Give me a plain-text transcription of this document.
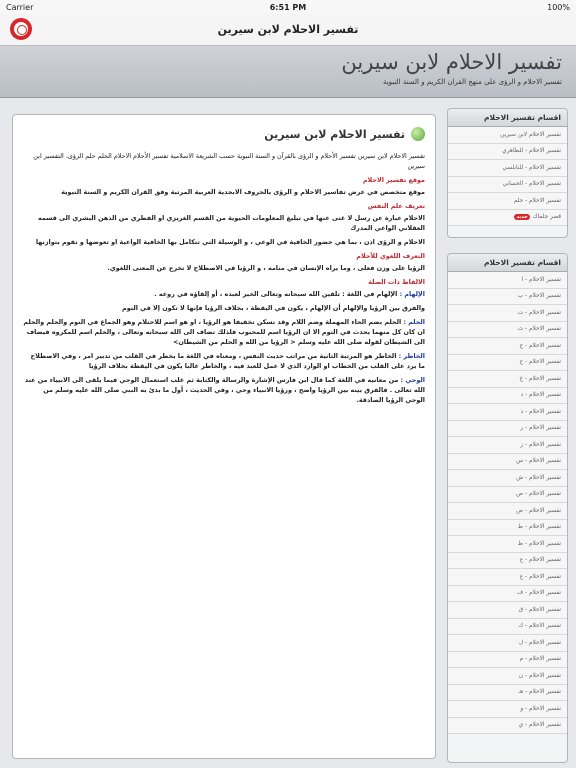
Carrier	6:51 PM	100%
تفسير الاحلام لابن سيرين
تفسير الاحلام لابن سيرين
تفسير الاحلام و الرؤى على منهج القران الكريم و السنة النبوية
تفسير الاحلام لابن سيرين

تفسير الاحلام لابن سيرين تفسير الأحلام و الرؤى بالقرآن و السنة النبوية حسب الشريعة الاسلامية تفسير الأحلام الاحلام الحلم حلم الرؤى، التفسير ابن سيرين

موقع تفسير الاحلام

موقع متخصص في عرض تفاسير الاحلام و الرؤى بالحروف الابجدية العربية المرتبة وفق القران الكريم و السنة النبوية

تعريف علم النفس

الاحلام عبارة عن رسل لا غنى عنها في تبليغ المعلومات الحيوية من القسم الغريزي او الفطري من الذهن البشري الى قسمه العقلاني الواعي المدرك

الاحلام و الرؤى اذن ، بما هي حضور الخافية في الوعي ، و الوسيلة التي تتكامل بها الخافية الواعية او تعوضها و تقوم بتوازنها

التعرف اللغوي للأحلام

الرؤيا على وزن فعلى ، وما يراه الإنسان في منامه ، و الرؤيا في الاصطلاح لا تخرج عن المعنى اللغوي.

الالفاظ ذات الصلة

الإلهام : الإلهام في اللغة : تلقين الله سبحانه وتعالى الخير لعبده ، أو إلقاؤه في روعه .

والفرق بين الرؤيا والإلهام أن الإلهام ، يكون في اليقظة ، بخلاف الرؤيا فإنها لا تكون إلا في النوم

الحلم : الحلم بضم الحاء المهملة وضم اللام وقد تسكن تخفيفا هو الرؤيا ، او هو اسم للاحتلام وهو الجماع في النوم والحلم والحلم ان كان كل منهما يحدث في النوم الا ان الرؤيا اسم للمحبوب فلذلك تضاف الى الله سبحانه وتعالى ، والحلم اسم للمكروه فيضاف الى الشيطان لقوله صلى الله عليه وسلم < الرؤيا من الله و الحلم من الشيطان>

الخاطر : الخاطر هو المرتبة الثانية من مراتب حديث النفس ، ومعناه في اللغة ما يخطر في القلب من تدبير امر ، وفي الاصطلاح ما يرد على القلب من الخطاب او الوارد الذي لا عمل للعبد فيه ، والخاطر غالبا يكون في اليقظة بخلاف الرؤيا

الوحي : من معانيه في اللغة كما قال ابن فارس الإشارة والرسالة والكتابة ثم غلب استعمال الوحي فيما يلقى الى الانبياء من عند الله تعالى . فالفرق بينه بين الرؤيا واضح ، ورؤيا الانبياء وحي ، وفي الحديث ، أول ما بدئ به النبي صلى الله عليه وسلم من الوحي الرؤيا الصادقة.

اقسام تفسير الاحلام
تفسير الاحلام لابن سيرين
تفسير الاحلام - للظاهري
تفسير الاحلام - للنابلسي
تفسير الاحلام - الحساني
تفسير الاحلام - حلم
قصر جلماك
جديد
اقسام تفسير الاحلام
تفسير الاحلام - ا
تفسير الاحلام - ب
تفسير الاحلام - ت
تفسير الاحلام - ث
تفسير الاحلام - ج
تفسير الاحلام - ح
تفسير الاحلام - خ
تفسير الاحلام - د
تفسير الاحلام - ذ
تفسير الاحلام - ر
تفسير الاحلام - ز
تفسير الاحلام - س
تفسير الاحلام - ش
تفسير الاحلام - ص
تفسير الاحلام - ض
تفسير الاحلام - ط
تفسير الاحلام - ظ
تفسير الاحلام - ع
تفسير الاحلام - غ
تفسير الاحلام - ف
تفسير الاحلام - ق
تفسير الاحلام - ك
تفسير الاحلام - ل
تفسير الاحلام - م
تفسير الاحلام - ن
تفسير الاحلام - هـ
تفسير الاحلام - و
تفسير الاحلام - ي
